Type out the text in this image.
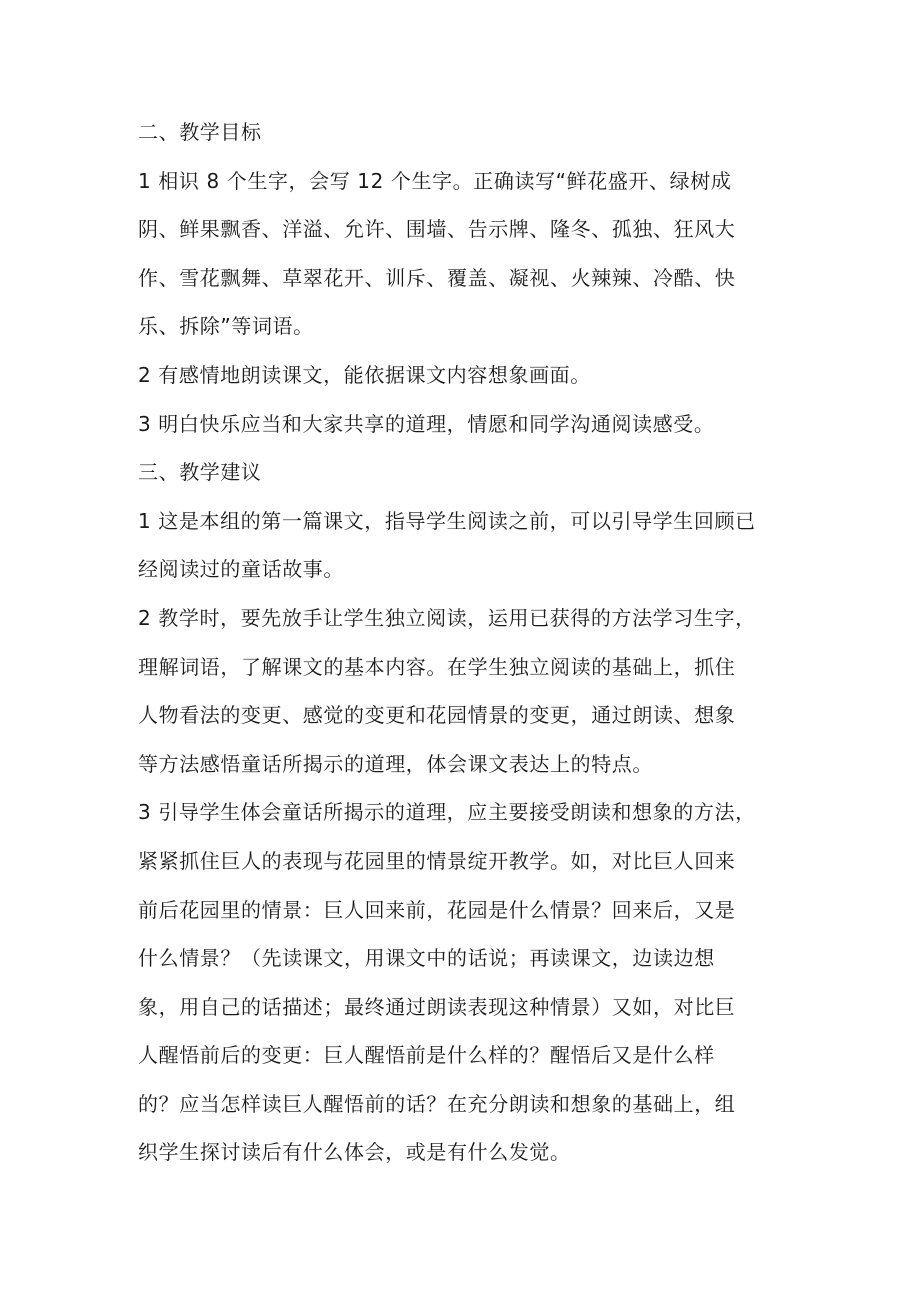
二、教学目标
1 相识 8 个生字，会写 12 个生字。正确读写“鲜花盛开、绿树成
阴、鲜果飘香、洋溢、允许、围墙、告示牌、隆冬、孤独、狂风大
作、雪花飘舞、草翠花开、训斥、覆盖、凝视、火辣辣、冷酷、快
乐、拆除”等词语。
2 有感情地朗读课文，能依据课文内容想象画面。
3 明白快乐应当和大家共享的道理，情愿和同学沟通阅读感受。
三、教学建议
1 这是本组的第一篇课文，指导学生阅读之前，可以引导学生回顾已
经阅读过的童话故事。
2 教学时，要先放手让学生独立阅读，运用已获得的方法学习生字，
理解词语，了解课文的基本内容。在学生独立阅读的基础上，抓住
人物看法的变更、感觉的变更和花园情景的变更，通过朗读、想象
等方法感悟童话所揭示的道理，体会课文表达上的特点。
3 引导学生体会童话所揭示的道理，应主要接受朗读和想象的方法，
紧紧抓住巨人的表现与花园里的情景绽开教学。如，对比巨人回来
前后花园里的情景：巨人回来前，花园是什么情景？回来后，又是
什么情景？（先读课文，用课文中的话说；再读课文，边读边想
象，用自己的话描述；最终通过朗读表现这种情景）又如，对比巨
人醒悟前后的变更：巨人醒悟前是什么样的？醒悟后又是什么样
的？应当怎样读巨人醒悟前的话？在充分朗读和想象的基础上，组
织学生探讨读后有什么体会，或是有什么发觉。
